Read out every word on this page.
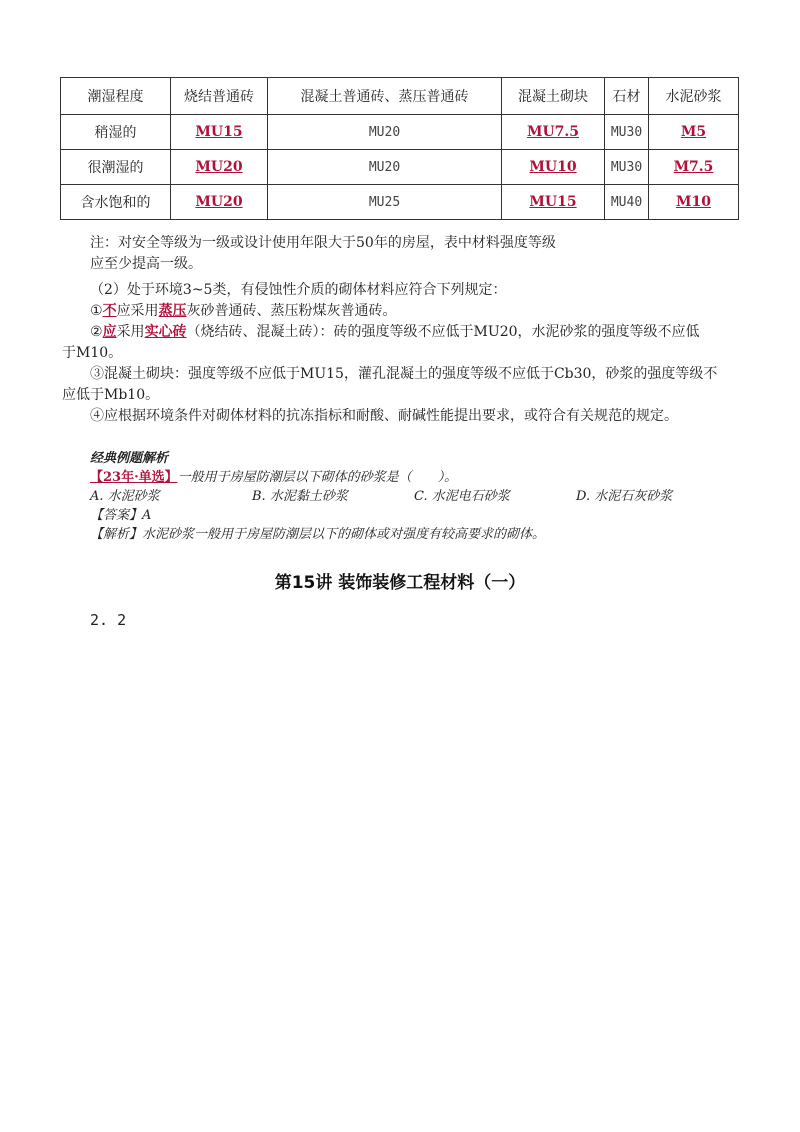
潮湿程度	烧结普通砖	混凝土普通砖、蒸压普通砖	混凝土砌块	石材	水泥砂浆
稍湿的	MU15	MU20	MU7.5	MU30	M5
很潮湿的	MU20	MU20	MU10	MU30	M7.5
含水饱和的	MU20	MU25	MU15	MU40	M10
注：对安全等级为一级或设计使用年限大于50年的房屋，表中材料强度等级
应至少提高一级。
（2）处于环境3~5类，有侵蚀性介质的砌体材料应符合下列规定：
①不应采用蒸压灰砂普通砖、蒸压粉煤灰普通砖。
②应采用实心砖（烧结砖、混凝土砖）：砖的强度等级不应低于MU20，水泥砂浆的强度等级不应低
于M10。
③混凝土砌块：强度等级不应低于MU15，灌孔混凝土的强度等级不应低于Cb30，砂浆的强度等级不
应低于Mb10。
④应根据环境条件对砌体材料的抗冻指标和耐酸、耐碱性能提出要求，或符合有关规范的规定。
经典例题解析
【23年·单选】一般用于房屋防潮层以下砌体的砂浆是（　　）。
A. 水泥砂浆	B. 水泥黏土砂浆	C. 水泥电石砂浆	D. 水泥石灰砂浆
【答案】A
【解析】水泥砂浆一般用于房屋防潮层以下的砌体或对强度有较高要求的砌体。
第15讲 装饰装修工程材料（一）
2. 2
